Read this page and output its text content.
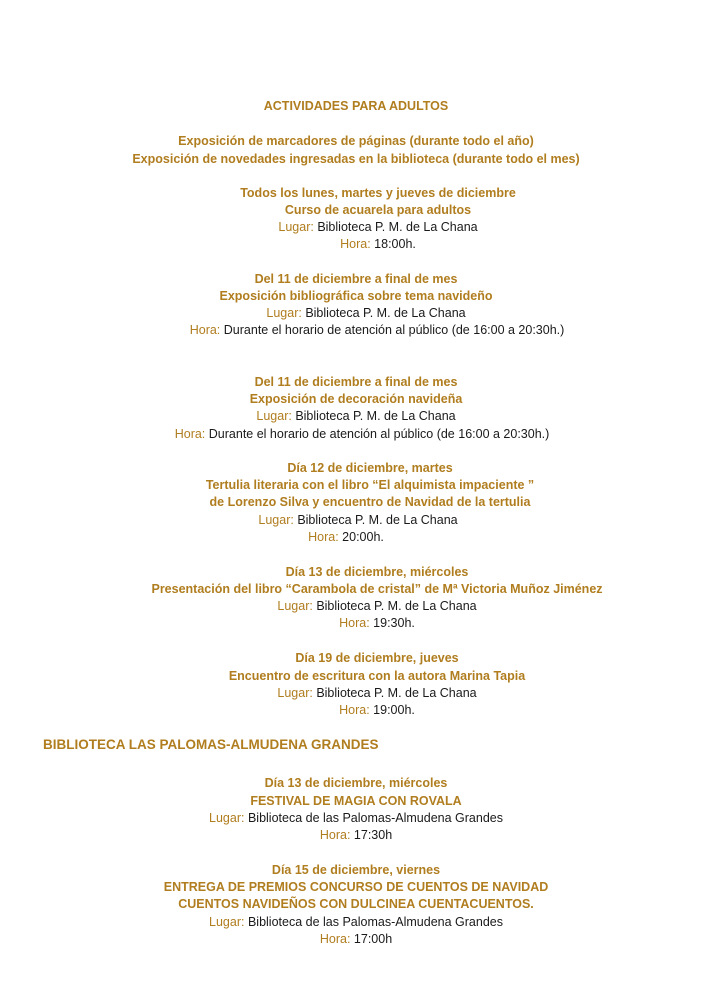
ACTIVIDADES PARA ADULTOS
Exposición de marcadores de páginas (durante todo el año)
Exposición de novedades ingresadas en la biblioteca (durante todo el mes)
Todos los lunes, martes y jueves de diciembre
Curso de acuarela para adultos
Lugar: Biblioteca P. M. de La Chana
Hora: 18:00h.
Del 11 de diciembre a final de mes
Exposición bibliográfica sobre tema navideño
Lugar: Biblioteca P. M. de La Chana
Hora: Durante el horario de atención al público (de 16:00 a 20:30h.)
Del 11 de diciembre a final de mes
Exposición de decoración navideña
Lugar: Biblioteca P. M. de La Chana
Hora: Durante el horario de atención al público (de 16:00 a 20:30h.)
Día 12 de diciembre, martes
Tertulia literaria con el libro “El alquimista impaciente ”
de Lorenzo Silva y encuentro de Navidad de la tertulia
Lugar: Biblioteca P. M. de La Chana
Hora: 20:00h.
Día 13 de diciembre, miércoles
Presentación del libro “Carambola de cristal” de Mª Victoria Muñoz Jiménez
Lugar: Biblioteca P. M. de La Chana
Hora: 19:30h.
Día 19 de diciembre, jueves
Encuentro de escritura con la autora Marina Tapia
Lugar: Biblioteca P. M. de La Chana
Hora: 19:00h.
BIBLIOTECA LAS PALOMAS-ALMUDENA GRANDES
Día 13 de diciembre, miércoles
FESTIVAL DE MAGIA CON ROVALA
Lugar: Biblioteca de las Palomas-Almudena Grandes
Hora: 17:30h
Día 15 de diciembre, viernes
ENTREGA DE PREMIOS CONCURSO DE CUENTOS DE NAVIDAD
CUENTOS NAVIDEÑOS CON DULCINEA CUENTACUENTOS.
Lugar: Biblioteca de las Palomas-Almudena Grandes
Hora: 17:00h
